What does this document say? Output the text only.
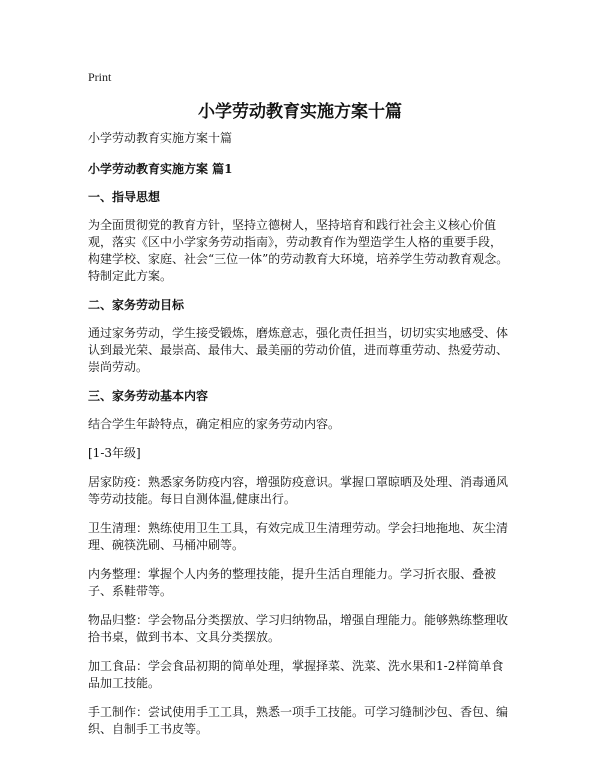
Print
小学劳动教育实施方案十篇

小学劳动教育实施方案十篇

小学劳动教育实施方案 篇1

一、指导思想

为全面贯彻党的教育方针，坚持立德树人，坚持培育和践行社会主义核心价值观，落实《区中小学家务劳动指南》，劳动教育作为塑造学生人格的重要手段，构建学校、家庭、社会“三位一体”的劳动教育大环境，培养学生劳动教育观念。特制定此方案。

二、家务劳动目标

通过家务劳动，学生接受锻炼，磨炼意志，强化责任担当，切切实实地感受、体认到最光荣、最崇高、最伟大、最美丽的劳动价值，进而尊重劳动、热爱劳动、崇尚劳动。

三、家务劳动基本内容

结合学生年龄特点，确定相应的家务劳动内容。

[1-3年级]

居家防疫：熟悉家务防疫内容，增强防疫意识。掌握口罩晾晒及处理、消毒通风等劳动技能。每日自测体温,健康出行。

卫生清理：熟练使用卫生工具，有效完成卫生清理劳动。学会扫地拖地、灰尘清理、碗筷洗刷、马桶冲刷等。

内务整理：掌握个人内务的整理技能，提升生活自理能力。学习折衣服、叠被子、系鞋带等。

物品归整：学会物品分类摆放、学习归纳物品，增强自理能力。能够熟练整理收拾书桌，做到书本、文具分类摆放。

加工食品：学会食品初期的简单处理，掌握择菜、洗菜、洗水果和1-2样简单食品加工技能。

手工制作：尝试使用手工工具，熟悉一项手工技能。可学习缝制沙包、香包、编织、自制手工书皮等。
